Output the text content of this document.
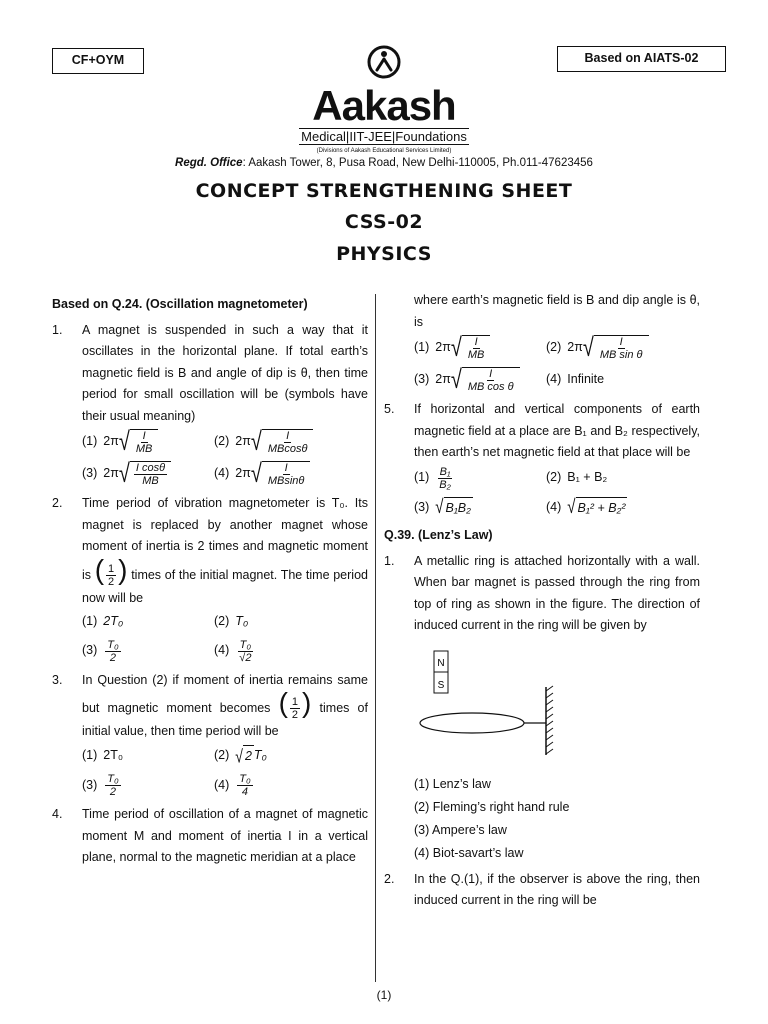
CF+OYM	Based on AIATS-02
Aakash
Medical|IIT-JEE|Foundations
(Divisions of Aakash Educational Services Limited)
Regd. Office: Aakash Tower, 8, Pusa Road, New Delhi-110005, Ph.011-47623456
CONCEPT STRENGTHENING SHEET
CSS-02
PHYSICS
Based on Q.24. (Oscillation magnetometer)
1.	A magnet is suspended in such a way that it oscillates in the horizontal plane. If total earth’s magnetic field is B and angle of dip is θ, then time period for small oscillation will be (symbols have their usual meaning)
(1) 2π √ $\frac{I}{MB}$	(2) 2π √ $\frac{I}{MBcos\theta}$
(3) 2π √ $\frac{\text{I cosθ}}{MB}$	(4) 2π √ $\frac{I}{MBsin\theta}$
2.	Time period of vibration magnetometer is T₀. Its magnet is replaced by another magnet whose moment of inertia is 2 times and magnetic moment is ( $\frac{1}{2}$ ) times of the initial magnet. The time period now will be
(1) 2T₀	(2) T₀
$(3) \frac{\text{T₀}}{2}$	$(4) \frac{\text{T₀}}{√2}$
3.	In Question (2) if moment of inertia remains same but magnetic moment becomes ( $\frac{1}{2}$ ) times of initial value, then time period will be
(1) 2T₀	(2) √ 2 T₀
$(3) \frac{\text{T₀}}{2}$	$(4) \frac{\text{T₀}}{4}$
4.	Time period of oscillation of a magnet of magnetic moment M and moment of inertia I in a vertical plane, normal to the magnetic meridian at a place
where earth’s magnetic field is B and dip angle is θ, is
(1) 2π √ $\frac{I}{MB}$	(2) 2π √ $\frac{I}{\text{MB sin θ}}$
(3) 2π √ $\frac{I}{\text{MB cos θ}} (4)$ Infinite
5.	If horizontal and vertical components of earth magnetic field at a place are B₁ and B₂ respectively, then earth’s net magnetic field at that place will be
$(1) \frac{\text{B₁}}{\text{B₂}}$	(2) B₁ + B₂
(3) √ B₁B₂	(4) √ B₁² + B₂²
Q.39. (Lenz’s Law)
1.	A metallic ring is attached horizontally with a wall. When bar magnet is passed through the ring from top of ring as shown in the figure. The direction of induced current in the ring will be given by
N
S
(1) Lenz’s law
(2) Fleming’s right hand rule
(3) Ampere’s law
(4) Biot-savart’s law
2.	In the Q.(1), if the observer is above the ring, then induced current in the ring will be
(1)
